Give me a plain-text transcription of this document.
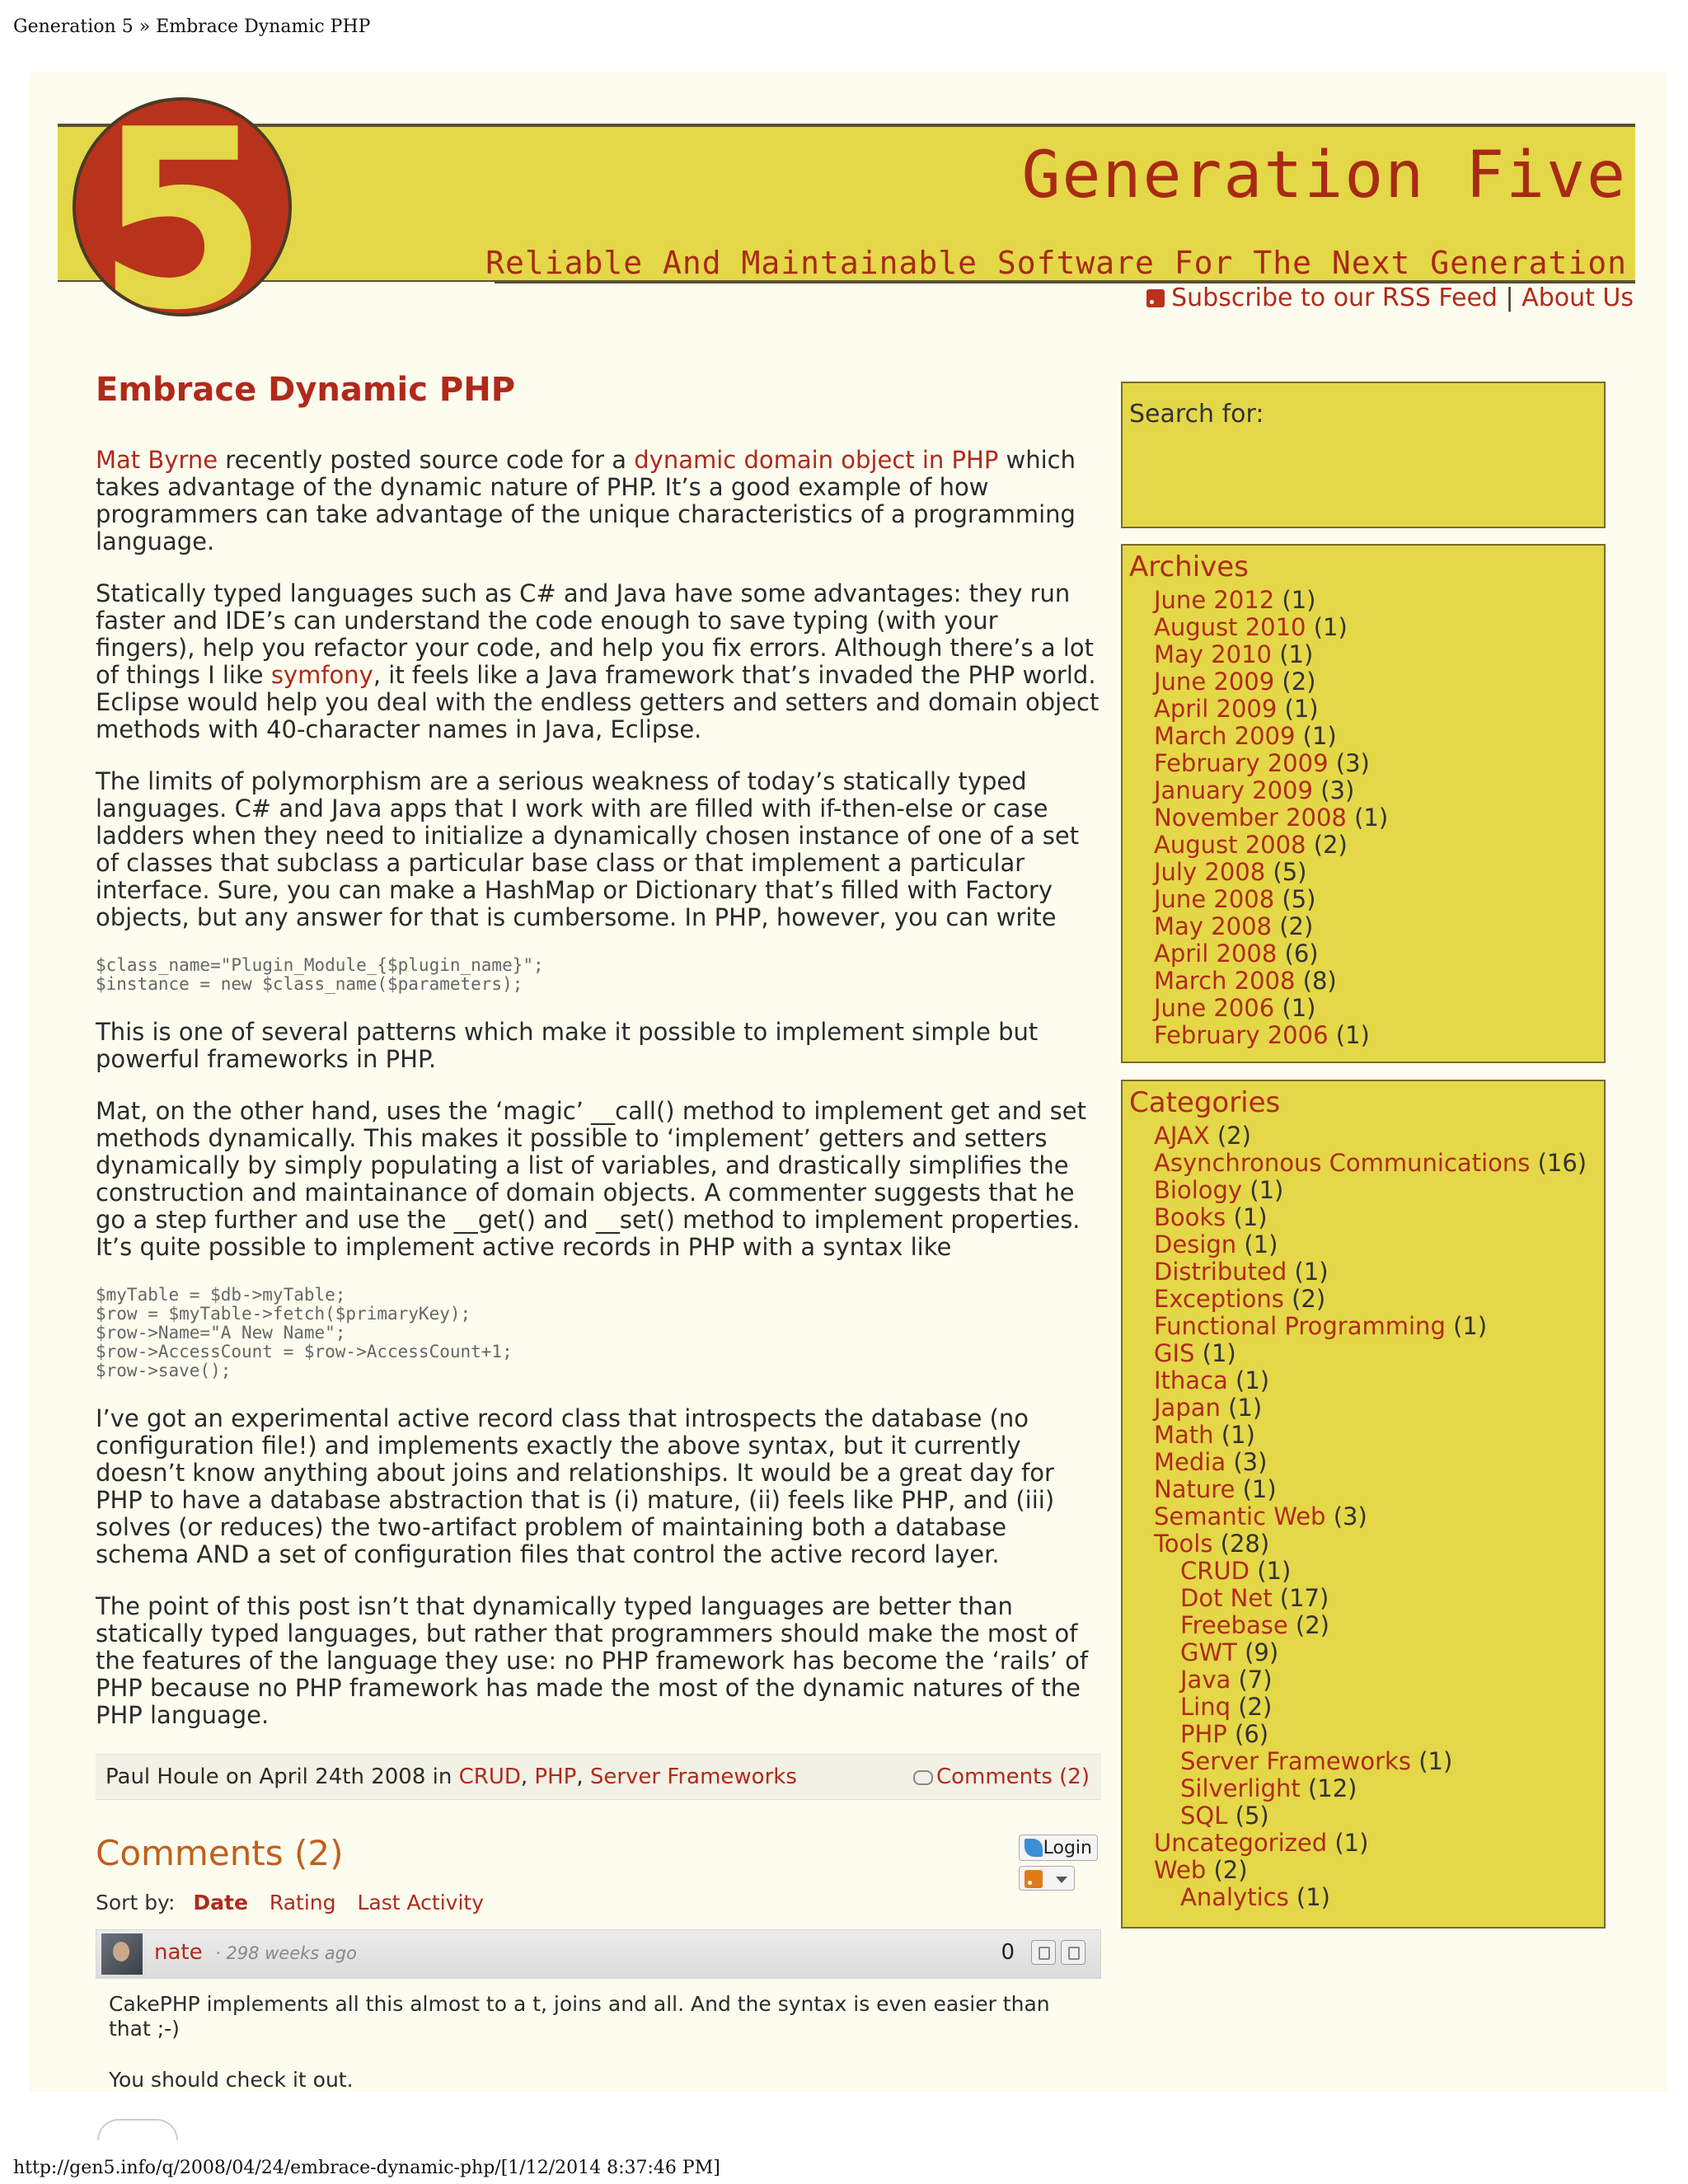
Generation 5 » Embrace Dynamic PHP
5	Generation Five
Reliable And Maintainable Software For The Next Generation
Subscribe to our RSS Feed | About Us
Embrace Dynamic PHP

Mat Byrne recently posted source code for a dynamic domain object in PHP which takes advantage of the dynamic nature of PHP. It’s a good example of how programmers can take advantage of the unique characteristics of a programming language.

Statically typed languages such as C# and Java have some advantages: they run faster and IDE’s can understand the code enough to save typing (with your fingers), help you refactor your code, and help you fix errors. Although there’s a lot of things I like symfony, it feels like a Java framework that’s invaded the PHP world. Eclipse would help you deal with the endless getters and setters and domain object methods with 40-character names in Java, Eclipse.

The limits of polymorphism are a serious weakness of today’s statically typed languages. C# and Java apps that I work with are filled with if-then-else or case ladders when they need to initialize a dynamically chosen instance of one of a set of classes that subclass a particular base class or that implement a particular interface. Sure, you can make a HashMap or Dictionary that’s filled with Factory objects, but any answer for that is cumbersome. In PHP, however, you can write

$class_name="Plugin_Module_{$plugin_name}";
$instance = new $class_name($parameters);

This is one of several patterns which make it possible to implement simple but powerful frameworks in PHP.

Mat, on the other hand, uses the ‘magic’ __call() method to implement get and set methods dynamically. This makes it possible to ‘implement’ getters and setters dynamically by simply populating a list of variables, and drastically simplifies the construction and maintainance of domain objects. A commenter suggests that he go a step further and use the __get() and __set() method to implement properties. It’s quite possible to implement active records in PHP with a syntax like

$myTable = $db->myTable;
$row = $myTable->fetch($primaryKey);
$row->Name="A New Name";
$row->AccessCount = $row->AccessCount+1;
$row->save();

I’ve got an experimental active record class that introspects the database (no configuration file!) and implements exactly the above syntax, but it currently doesn’t know anything about joins and relationships. It would be a great day for PHP to have a database abstraction that is (i) mature, (ii) feels like PHP, and (iii) solves (or reduces) the two-artifact problem of maintaining both a database schema AND a set of configuration files that control the active record layer.

The point of this post isn’t that dynamically typed languages are better than statically typed languages, but rather that programmers should make the most of the features of the language they use: no PHP framework has become the ‘rails’ of PHP because no PHP framework has made the most of the dynamic natures of the PHP language.

Paul Houle on April 24th 2008 in CRUD, PHP, Server Frameworks	Comments (2)
Comments (2)	Login
Sort by: Date Rating Last Activity
nate · 298 weeks ago	0

CakePHP implements all this almost to a t, joins and all. And the syntax is even easier than that ;-)

You should check it out.

Search for:
Archives
June 2012 (1)
August 2010 (1)
May 2010 (1)
June 2009 (2)
April 2009 (1)
March 2009 (1)
February 2009 (3)
January 2009 (3)
November 2008 (1)
August 2008 (2)
July 2008 (5)
June 2008 (5)
May 2008 (2)
April 2008 (6)
March 2008 (8)
June 2006 (1)
February 2006 (1)
Categories
AJAX (2)
Asynchronous Communications (16)
Biology (1)
Books (1)
Design (1)
Distributed (1)
Exceptions (2)
Functional Programming (1)
GIS (1)
Ithaca (1)
Japan (1)
Math (1)
Media (3)
Nature (1)
Semantic Web (3)
Tools (28)
CRUD (1)
Dot Net (17)
Freebase (2)
GWT (9)
Java (7)
Linq (2)
PHP (6)
Server Frameworks (1)
Silverlight (12)
SQL (5)
Uncategorized (1)
Web (2)
Analytics (1)
http://gen5.info/q/2008/04/24/embrace-dynamic-php/[1/12/2014 8:37:46 PM]
